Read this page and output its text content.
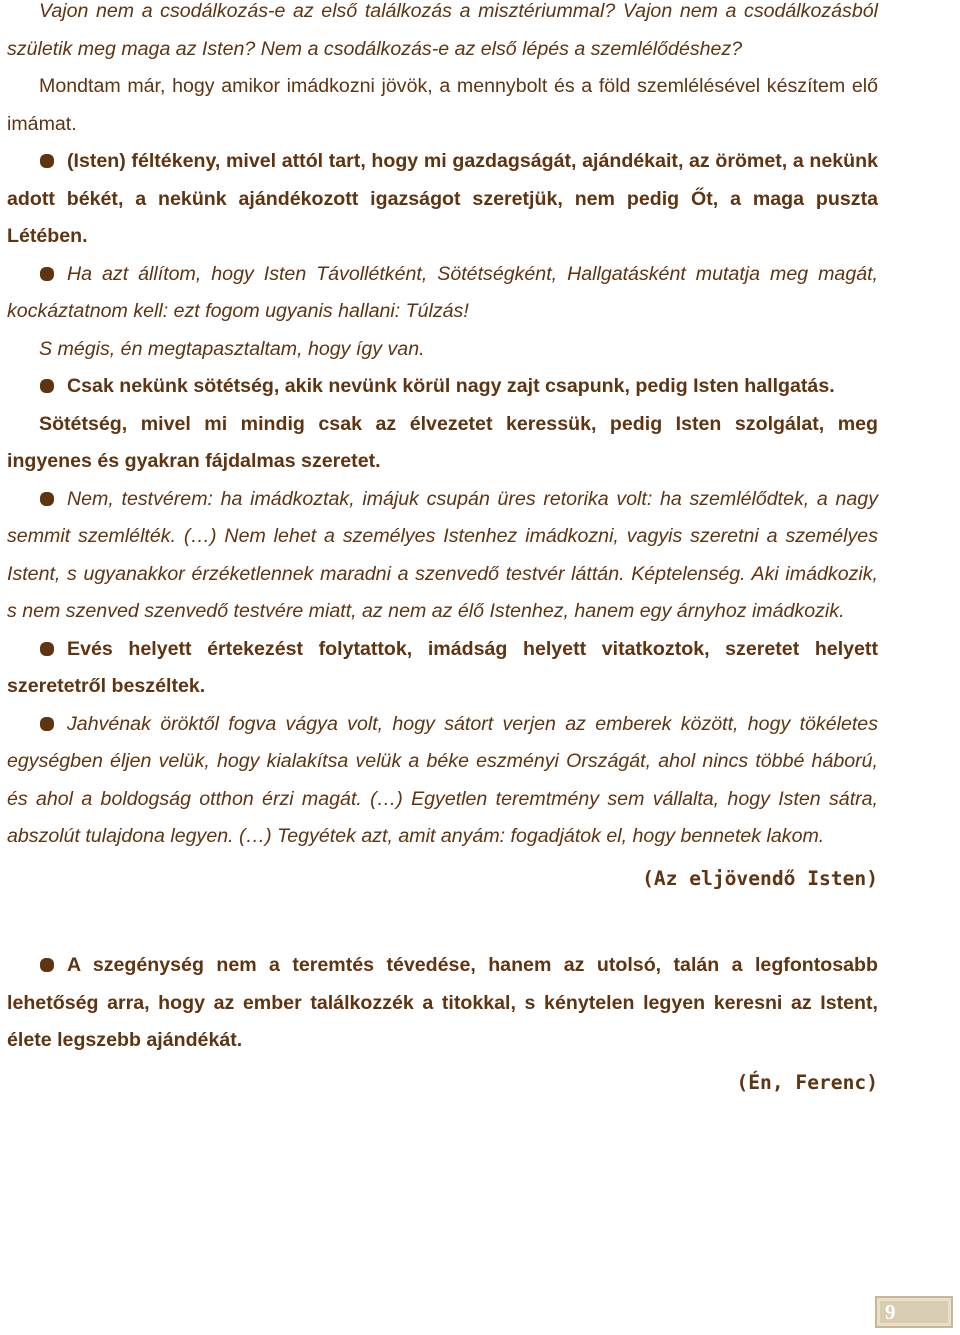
Vajon nem a csodálkozás-e az első találkozás a misztériummal? Vajon nem a csodálkozásból születik meg maga az Isten? Nem a csodálkozás-e az első lépés a szemlélődéshez?

Mondtam már, hogy amikor imádkozni jövök, a mennybolt és a föld szemlélésével készítem elő imámat.

(Isten) féltékeny, mivel attól tart, hogy mi gazdagságát, ajándékait, az örömet, a nekünk adott békét, a nekünk ajándékozott igazságot szeretjük, nem pedig Őt, a maga puszta Létében.

Ha azt állítom, hogy Isten Távollétként, Sötétségként, Hallgatásként mutatja meg magát, kockáztatnom kell: ezt fogom ugyanis hallani: Túlzás!

S mégis, én megtapasztaltam, hogy így van.

Csak nekünk sötétség, akik nevünk körül nagy zajt csapunk, pedig Isten hallgatás.

Sötétség, mivel mi mindig csak az élvezetet keressük, pedig Isten szolgálat, meg ingyenes és gyakran fájdalmas szeretet.

Nem, testvérem: ha imádkoztak, imájuk csupán üres retorika volt: ha szemlélődtek, a nagy semmit szemlélték. (…) Nem lehet a személyes Istenhez imádkozni, vagyis szeretni a személyes Istent, s ugyanakkor érzéketlennek maradni a szenvedő testvér láttán. Képtelenség. Aki imádkozik, s nem szenved szenvedő testvére miatt, az nem az élő Istenhez, hanem egy árnyhoz imádkozik.

Evés helyett értekezést folytattok, imádság helyett vitatkoztok, szeretet helyett szeretetről beszéltek.

Jahvénak öröktől fogva vágya volt, hogy sátort verjen az emberek között, hogy tökéletes egységben éljen velük, hogy kialakítsa velük a béke eszményi Országát, ahol nincs többé háború, és ahol a boldogság otthon érzi magát. (…) Egyetlen teremtmény sem vállalta, hogy Isten sátra, abszolút tulajdona legyen. (…) Tegyétek azt, amit anyám: fogadjátok el, hogy bennetek lakom.

(Az eljövendő Isten)

A szegénység nem a teremtés tévedése, hanem az utolsó, talán a legfontosabb lehetőség arra, hogy az ember találkozzék a titokkal, s kénytelen legyen keresni az Istent, élete legszebb ajándékát.

(Én, Ferenc)

9
